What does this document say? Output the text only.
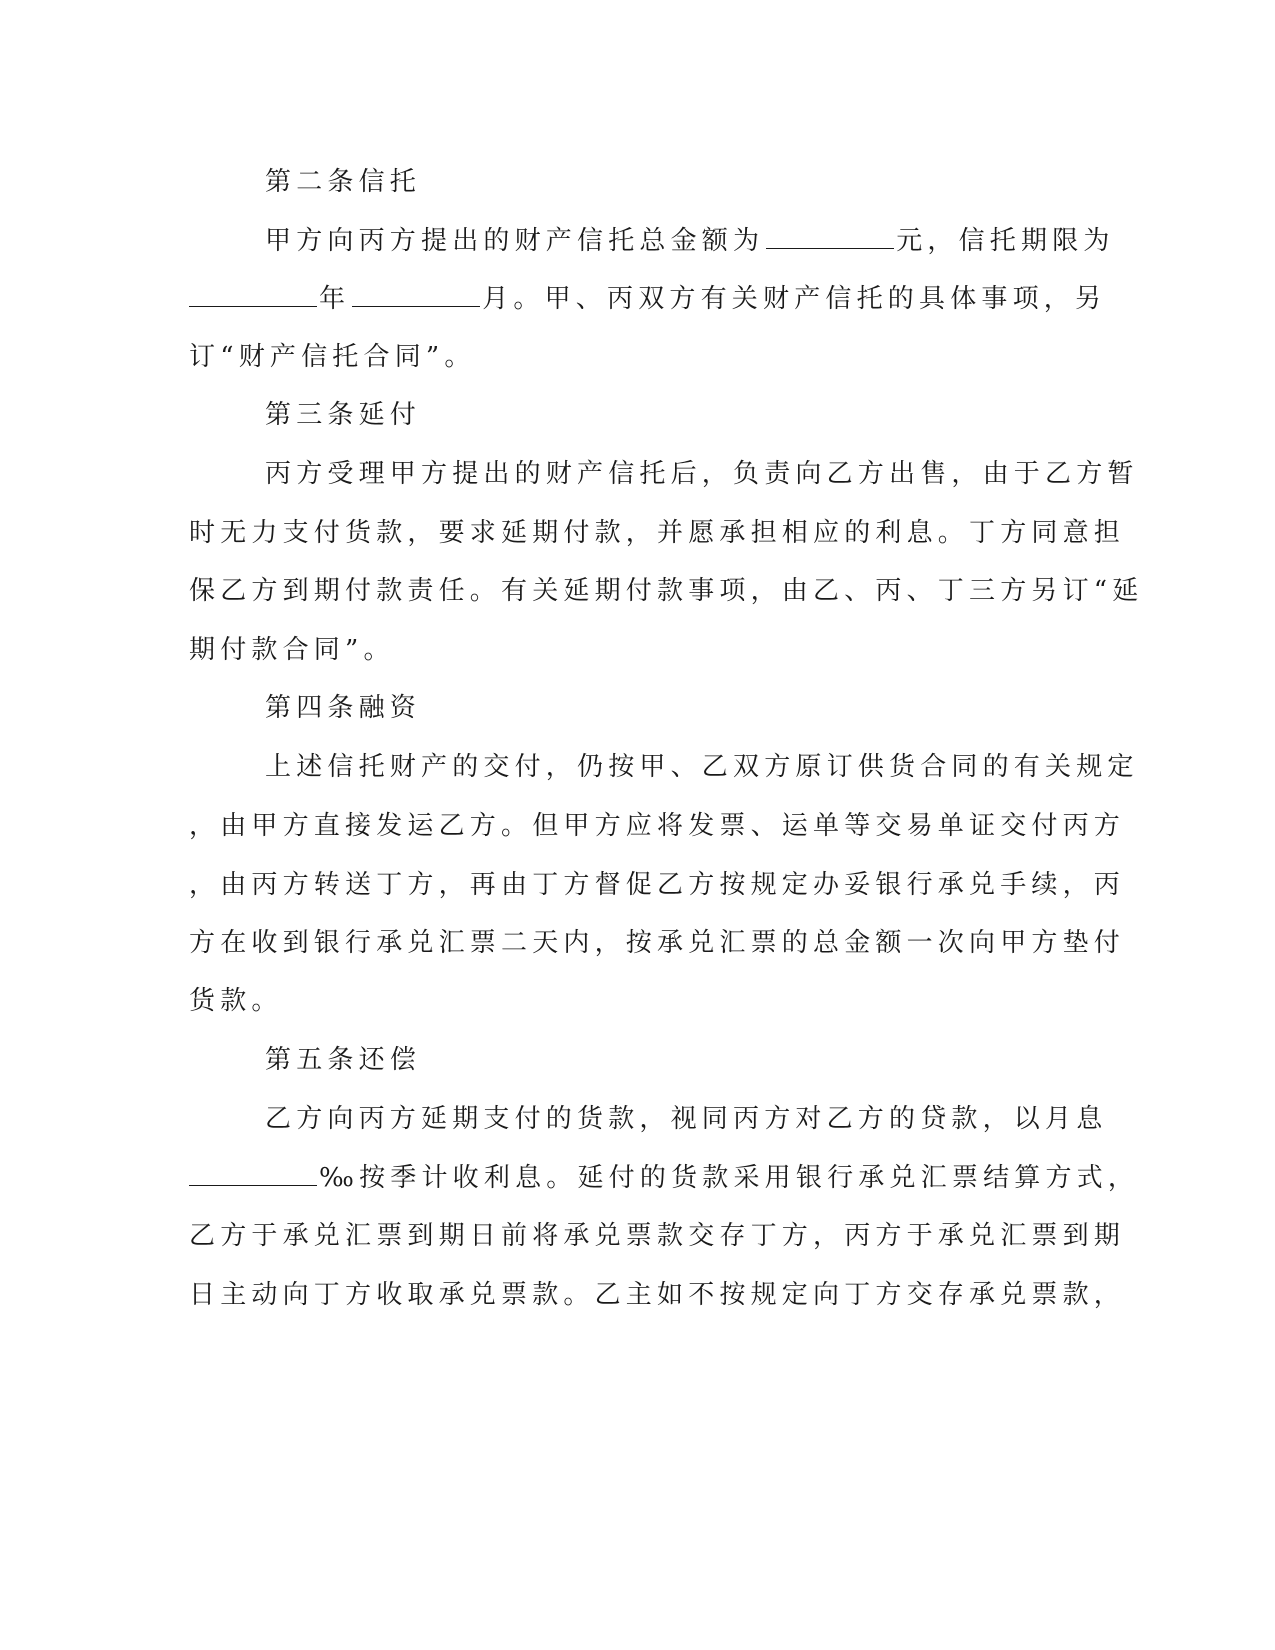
第二条信托
甲方向丙方提出的财产信托总金额为	元，信托期限为
年	月。甲、丙双方有关财产信托的具体事项，另
订“财产信托合同”。
第三条延付
丙方受理甲方提出的财产信托后，负责向乙方出售，由于乙方暂
时无力支付货款，要求延期付款，并愿承担相应的利息。丁方同意担
保乙方到期付款责任。有关延期付款事项，由乙、丙、丁三方另订“延
期付款合同”。
第四条融资
上述信托财产的交付，仍按甲、乙双方原订供货合同的有关规定
，由甲方直接发运乙方。但甲方应将发票、运单等交易单证交付丙方
，由丙方转送丁方，再由丁方督促乙方按规定办妥银行承兑手续，丙
方在收到银行承兑汇票二天内，按承兑汇票的总金额一次向甲方垫付
货款。
第五条还偿
乙方向丙方延期支付的货款，视同丙方对乙方的贷款，以月息
‰按季计收利息。延付的货款采用银行承兑汇票结算方式，
乙方于承兑汇票到期日前将承兑票款交存丁方，丙方于承兑汇票到期
日主动向丁方收取承兑票款。乙主如不按规定向丁方交存承兑票款，
